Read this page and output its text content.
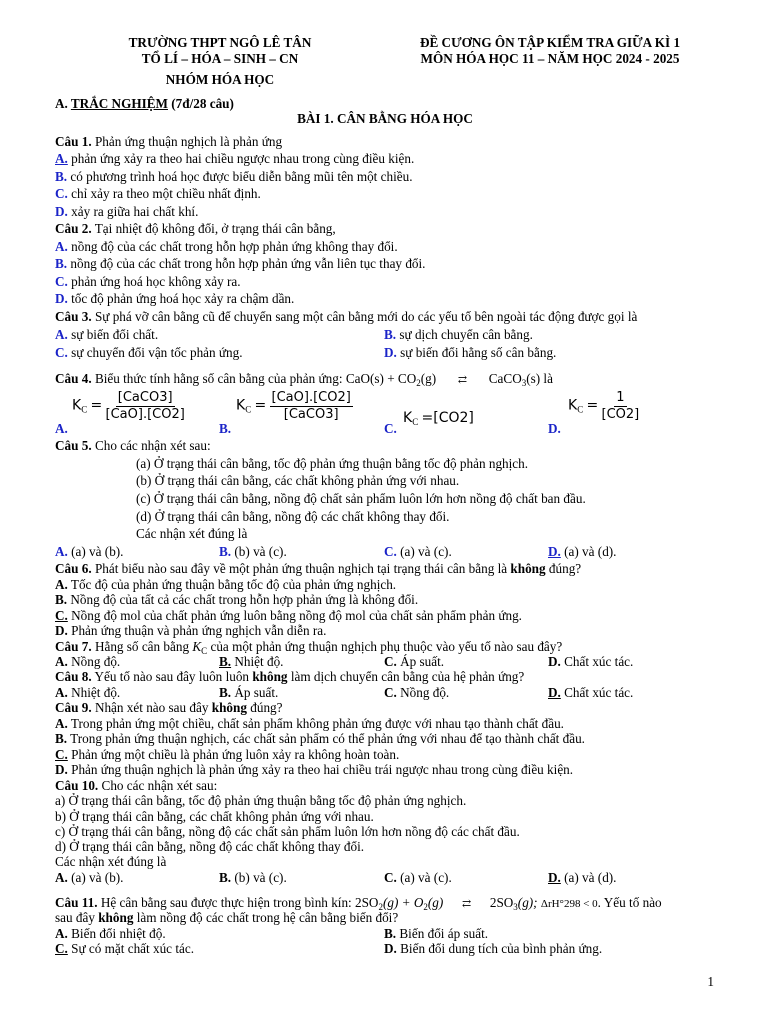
TRƯỜNG THPT NGÔ LÊ TÂN
TỔ LÍ – HÓA – SINH – CN
NHÓM HÓA HỌC
ĐỀ CƯƠNG ÔN TẬP KIỂM TRA GIỮA KÌ 1
MÔN HÓA HỌC 11 – NĂM HỌC 2024 - 2025
A. TRẮC NGHIỆM (7đ/28 câu)
BÀI 1. CÂN BẰNG HÓA HỌC
Câu 1. Phản ứng thuận nghịch là phản ứng
A. phản ứng xảy ra theo hai chiều ngược nhau trong cùng điều kiện.
B. có phương trình hoá học được biểu diễn bằng mũi tên một chiều.
C. chỉ xảy ra theo một chiều nhất định.
D. xảy ra giữa hai chất khí.
Câu 2. Tại nhiệt độ không đổi, ở trạng thái cân bằng,
A. nồng độ của các chất trong hỗn hợp phản ứng không thay đổi.
B. nồng độ của các chất trong hỗn hợp phản ứng vẫn liên tục thay đổi.
C. phản ứng hoá học không xảy ra.
D. tốc độ phản ứng hoá học xảy ra chậm dần.
Câu 3. Sự phá vỡ cân bằng cũ để chuyển sang một cân bằng mới do các yếu tố bên ngoài tác động được gọi là
A. sự biến đổi chất.	B. sự dịch chuyển cân bằng.
C. sự chuyển đổi vận tốc phản ứng.	D. sự biến đổi hằng số cân bằng.
Câu 4. Biểu thức tính hằng số cân bằng của phản ứng: $CaO(s) + CO_2(g)$ ⇄ CaCO$_3$(s) là
A.
$K_C = \frac{\text{[CaCO3]}}{\text{[CaO].[CO2]}}$
B.
$K_C = \frac{\text{[CaO].[CO2]}}{\text{[CaCO3]}}$
C.
$K_C =[CO2]$
D.
$K_C = \frac{1}{[CO2]}$
Câu 5. Cho các nhận xét sau:
(a) Ở trạng thái cân bằng, tốc độ phản ứng thuận bằng tốc độ phản nghịch.
(b) Ở trạng thái cân bằng, các chất không phản ứng với nhau.
(c) Ở trạng thái cân bằng, nồng độ chất sản phẩm luôn lớn hơn nồng độ chất ban đầu.
(d) Ở trạng thái cân bằng, nồng độ các chất không thay đổi.
Các nhận xét đúng là
A. (a) và (b).	B. (b) và (c).	C. (a) và (c).	D. (a) và (d).
Câu 6. Phát biểu nào sau đây về một phản ứng thuận nghịch tại trạng thái cân bằng là không đúng?
A. Tốc độ của phản ứng thuận bằng tốc độ của phản ứng nghịch.
B. Nồng độ của tất cả các chất trong hỗn hợp phản ứng là không đổi.
C. Nồng độ mol của chất phản ứng luôn bằng nồng độ mol của chất sản phẩm phản ứng.
D. Phản ứng thuận và phản ứng nghịch vẫn diễn ra.
Câu 7. Hằng số cân bằng $K_C$ của một phản ứng thuận nghịch phụ thuộc vào yếu tố nào sau đây?
A. Nồng độ.	B. Nhiệt độ.	C. Áp suất.	D. Chất xúc tác.
Câu 8. Yếu tố nào sau đây luôn luôn không làm dịch chuyển cân bằng của hệ phản ứng?
A. Nhiệt độ.	B. Áp suất.	C. Nồng độ.	D. Chất xúc tác.
Câu 9. Nhận xét nào sau đây không đúng?
A. Trong phản ứng một chiều, chất sản phẩm không phản ứng được với nhau tạo thành chất đầu.
B. Trong phản ứng thuận nghịch, các chất sản phẩm có thể phản ứng với nhau để tạo thành chất đầu.
C. Phản ứng một chiều là phản ứng luôn xảy ra không hoàn toàn.
D. Phản ứng thuận nghịch là phản ứng xảy ra theo hai chiều trái ngược nhau trong cùng điều kiện.
Câu 10. Cho các nhận xét sau:
a) Ở trạng thái cân bằng, tốc độ phản ứng thuận bằng tốc độ phản ứng nghịch.
b) Ở trạng thái cân bằng, các chất không phản ứng với nhau.
c) Ở trạng thái cân bằng, nồng độ các chất sản phẩm luôn lớn hơn nồng độ các chất đầu.
d) Ở trạng thái cân bằng, nồng độ các chất không thay đổi.
Các nhận xét đúng là
A. (a) và (b).	B. (b) và (c).	C. (a) và (c).	D. (a) và (d).
Câu 11. Hệ cân bằng sau được thực hiện trong bình kín: $2SO_2(g) + O_2(g)$ ⇄ $2SO_3(g)$; ΔrH°298 < 0. Yếu tố nào
sau đây không làm nồng độ các chất trong hệ cân bằng biến đổi?
A. Biến đổi nhiệt độ.	B. Biến đổi áp suất.
C. Sự có mặt chất xúc tác.	D. Biến đổi dung tích của bình phản ứng.
1
